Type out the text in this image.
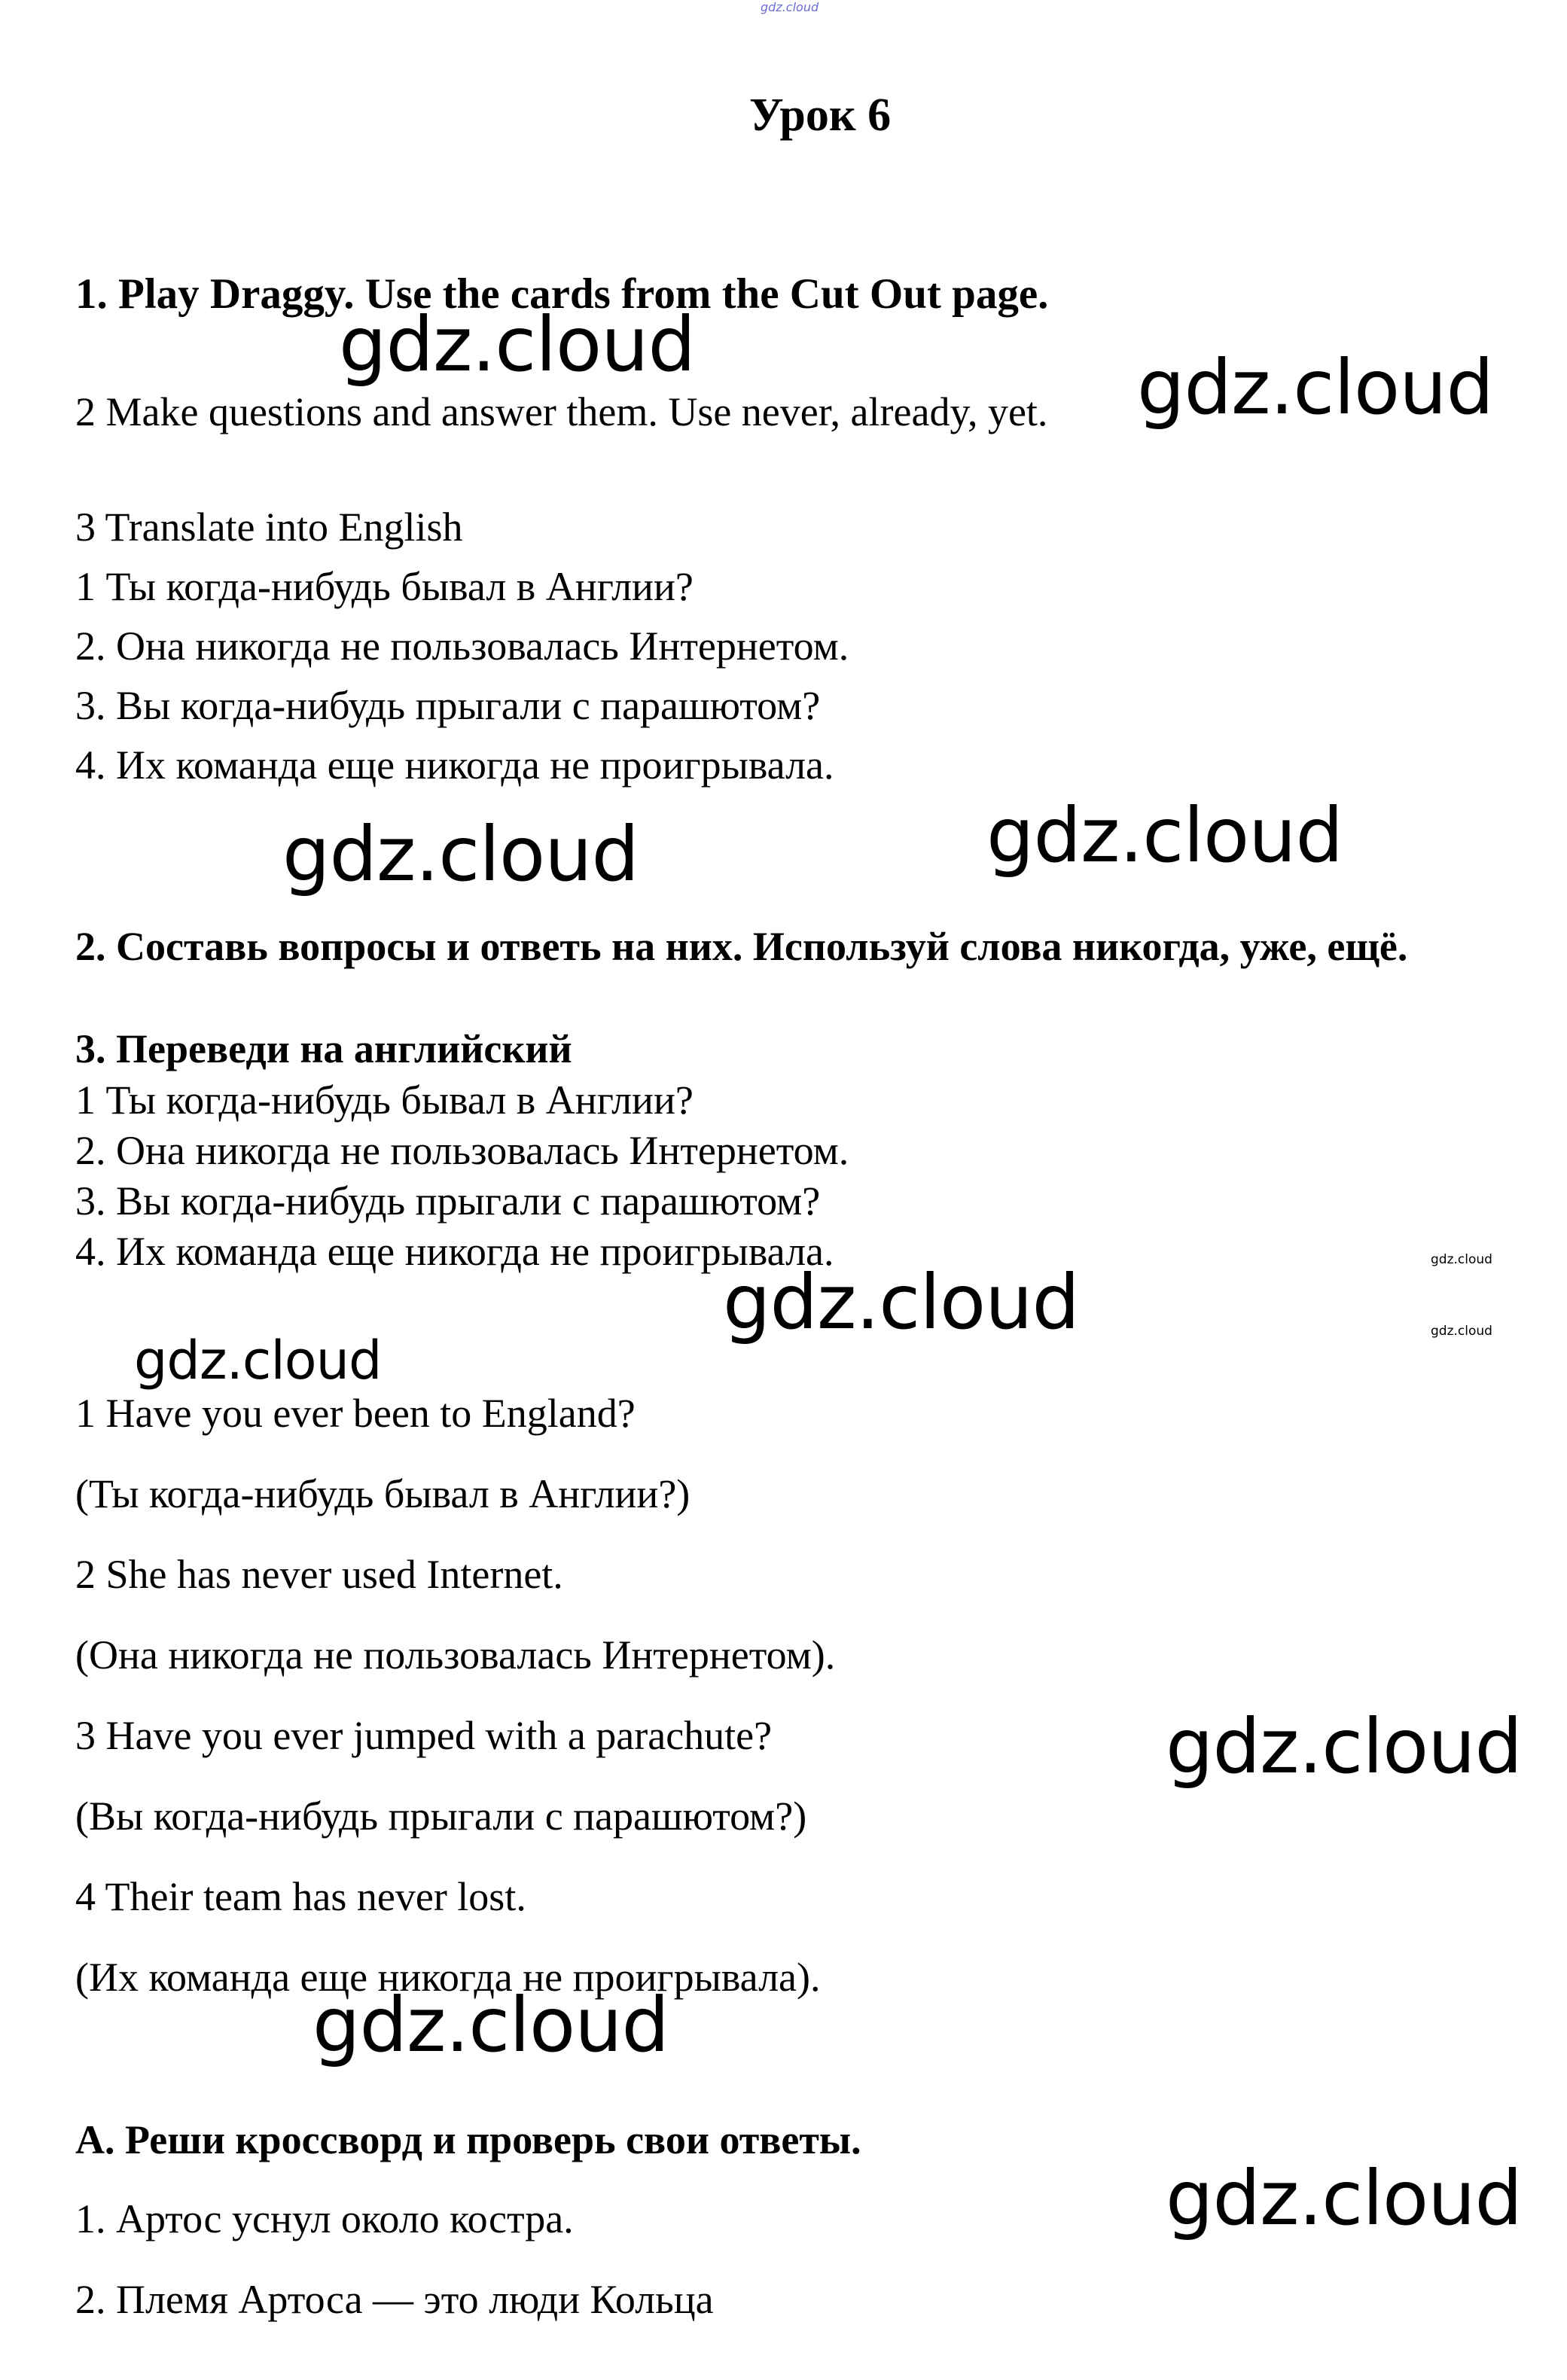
gdz.cloud
Урок 6
1. Play Draggy. Use the cards from the Cut Out page.
2 Make questions and answer them. Use never, already, yet.
3 Translate into English
1 Ты когда-нибудь бывал в Англии?
2. Она никогда не пользовалась Интернетом.
3. Вы когда-нибудь прыгали с парашютом?
4. Их команда еще никогда не проигрывала.
2. Составь вопросы и ответь на них. Используй слова никогда, уже, ещё.
3. Переведи на английский
1 Ты когда-нибудь бывал в Англии?
2. Она никогда не пользовалась Интернетом.
3. Вы когда-нибудь прыгали с парашютом?
4. Их команда еще никогда не проигрывала.
1 Have you ever been to England?
(Ты когда-нибудь бывал в Англии?)
2 She has never used Internet.
(Она никогда не пользовалась Интернетом).
3 Have you ever jumped with a parachute?
(Вы когда-нибудь прыгали с парашютом?)
4 Their team has never lost.
(Их команда еще никогда не проигрывала).
А. Реши кроссворд и проверь свои ответы.
1. Артос уснул около костра.
2. Племя Артоса — это люди Кольца
gdz.cloud	gdz.cloud
gdz.cloud	gdz.cloud
gdz.cloud
gdz.cloud
gdz.cloud
gdz.cloud
gdz.cloud
gdz.cloud
gdz.cloud
